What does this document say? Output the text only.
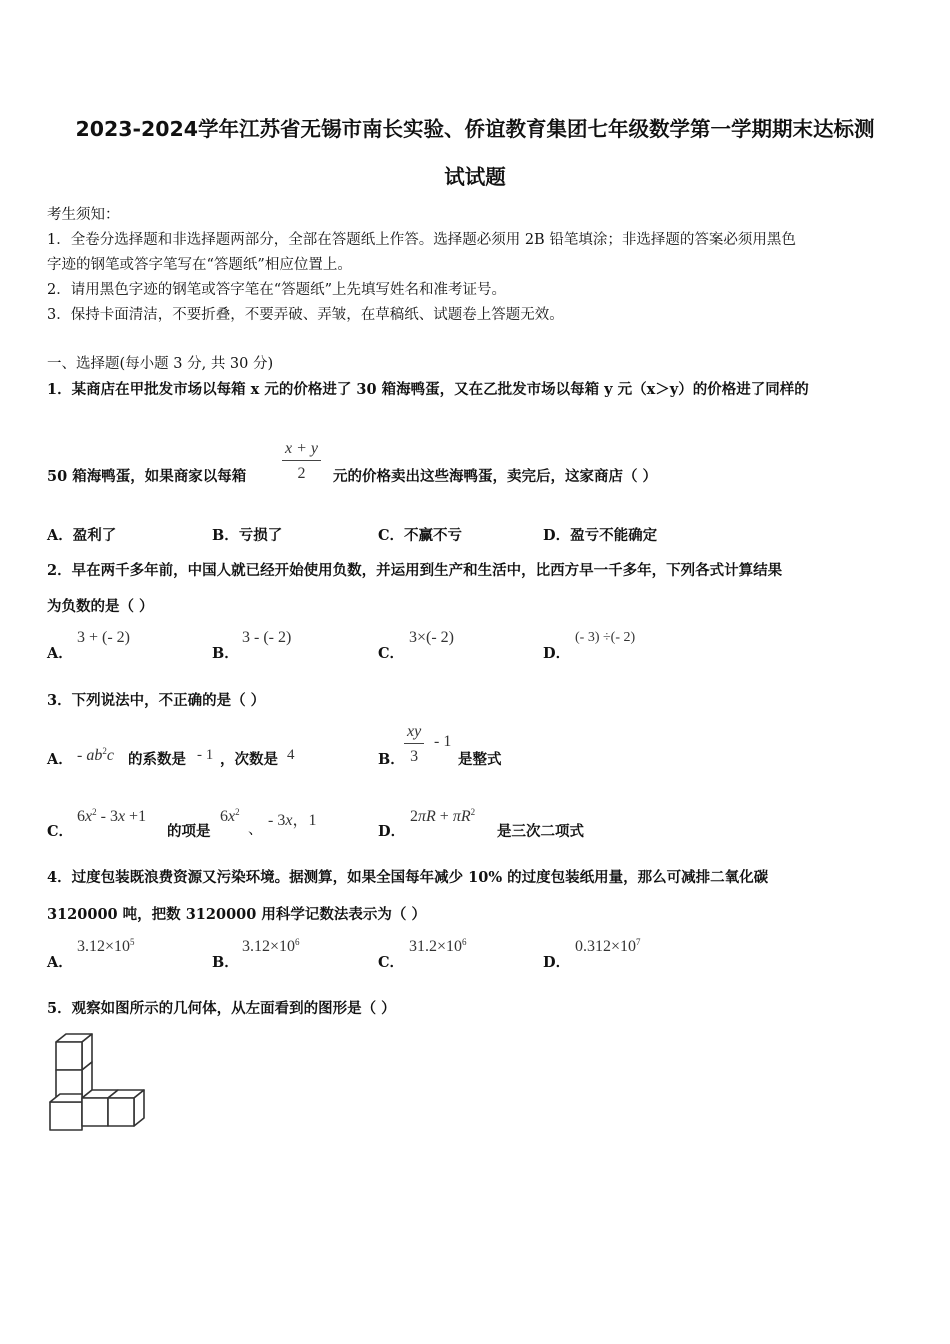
2023-2024学年江苏省无锡市南长实验、侨谊教育集团七年级数学第一学期期末达标测
试试题
考生须知：
1．全卷分选择题和非选择题两部分，全部在答题纸上作答。选择题必须用 2B 铅笔填涂；非选择题的答案必须用黑色
字迹的钢笔或答字笔写在“答题纸”相应位置上。
2．请用黑色字迹的钢笔或答字笔在“答题纸”上先填写姓名和准考证号。
3．保持卡面清洁，不要折叠，不要弄破、弄皱，在草稿纸、试题卷上答题无效。
一、选择题(每小题 3 分, 共 30 分)
1．某商店在甲批发市场以每箱 x 元的价格进了 30 箱海鸭蛋，又在乙批发市场以每箱 y 元（x＞y）的价格进了同样的
50 箱海鸭蛋，如果商家以每箱 $\frac{x + y}{2}$ 元的价格卖出这些海鸭蛋，卖完后，这家商店（ ）
A．盈利了	B．亏损了	C．不赢不亏	D．盈亏不能确定
2．早在两千多年前，中国人就已经开始使用负数，并运用到生产和生活中，比西方早一千多年，下列各式计算结果
为负数的是（ ）
A．
3 + (- 2)
B．
3 - (- 2)
C．
3×(- 2)
D．
(- 3) ÷(- 2)
3．下列说法中，不正确的是（ ）
A． - $ab^2c$ 的系数是 - 1 ，次数是 4	B． $\frac{xy}{3} - 1$
是整式
C．
$6x^2 - 3x +1$
的项是
$6x^2$
、
- 3x，1
D．
$2\pi R + \pi R^2$
是三次二项式
4．过度包装既浪费资源又污染环境。据测算，如果全国每年减少 10% 的过度包装纸用量，那么可减排二氧化碳
3120000 吨，把数 3120000 用科学记数法表示为（ ）
A．
$3.12\times 10^5$
B．
$3.12\times 10^6$
C．
$31.2\times 10^6$
D．
$0.312\times 10^7$
5．观察如图所示的几何体，从左面看到的图形是（ ）
